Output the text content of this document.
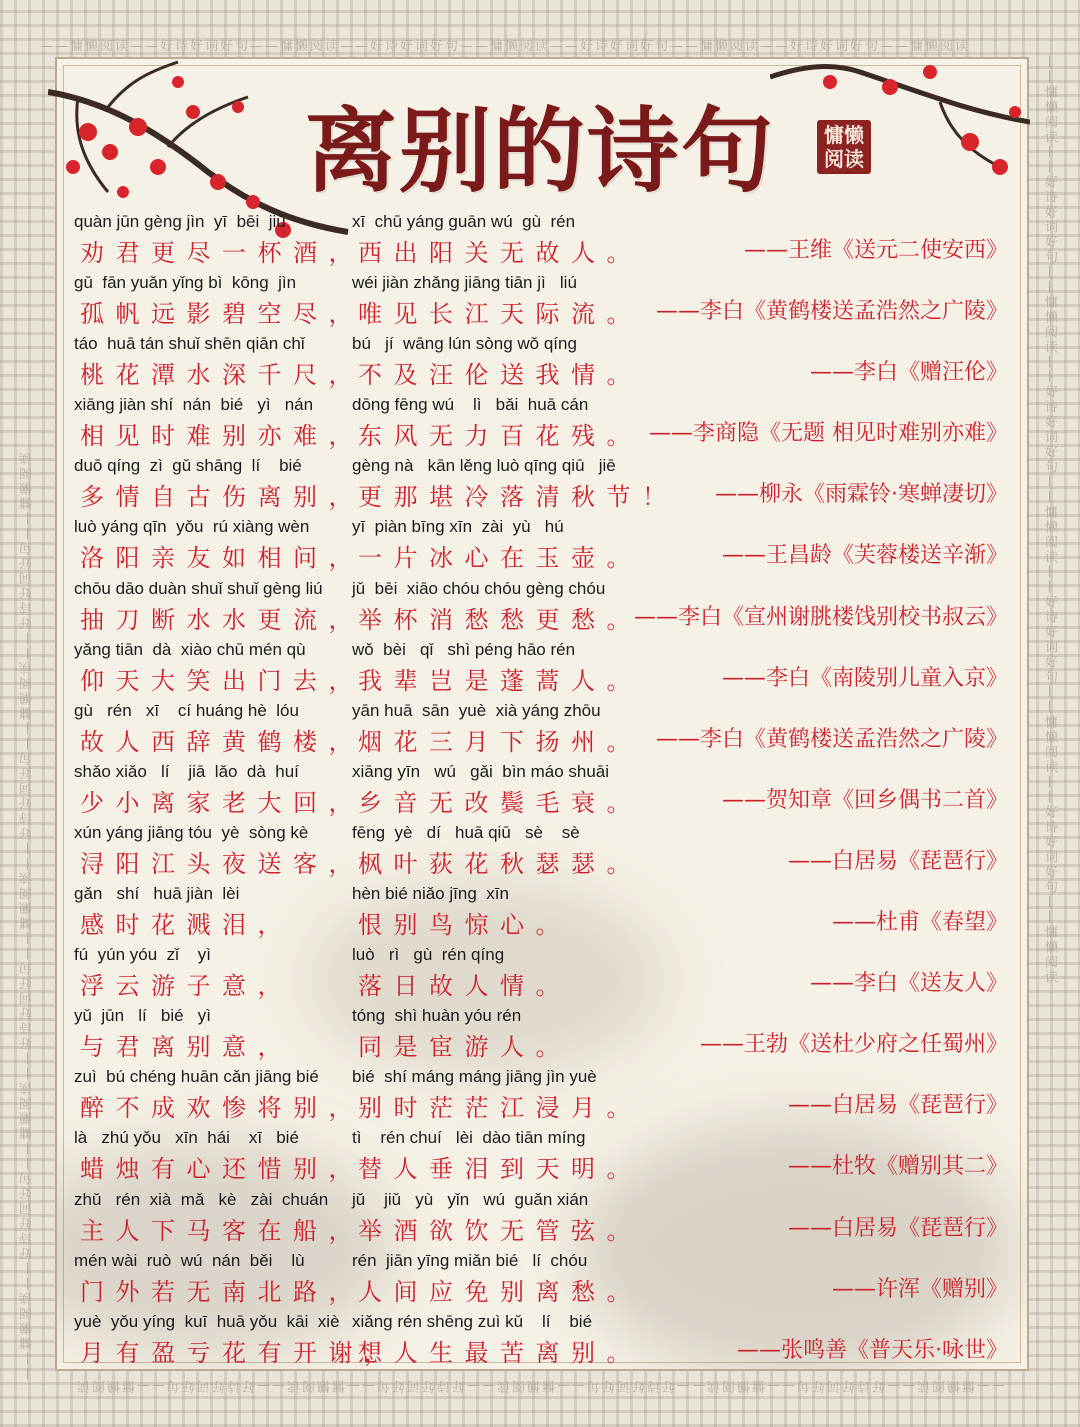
——慵懒阅读——好诗好词好句——慵懒阅读——好诗好词好句——慵懒阅读——好诗好词好句——慵懒阅读——好诗好词好句——慵懒阅读
——慵懒阅读——好诗好词好句——慵懒阅读——好诗好词好句——慵懒阅读——好诗好词好句——慵懒阅读——好诗好词好句——慵懒阅读
——慵懒阅读——好诗好词好句——慵懒阅读——好诗好词好句——慵懒阅读——好诗好词好句——慵懒阅读——好诗好词好句——慵懒阅读	——慵懒阅读——好诗好词好句——慵懒阅读——好诗好词好句——慵懒阅读——好诗好词好句——慵懒阅读——好诗好词好句——慵懒阅读
离别的诗句	慵懒
阅读
quàn jūn gèng jìn  yī  bēi  jiǔ
劝君更尽一杯酒，
xī  chū yáng guān wú  gù  rén
西出阳关无故人。	——王维《送元二使安西》
gū  fān yuǎn yǐng bì  kōng  jìn
孤帆远影碧空尽，
wéi jiàn zhǎng jiāng tiān jì   liú
唯见长江天际流。 ——李白《黄鹤楼送孟浩然之广陵》
táo  huā tán shuǐ shēn qiān chǐ
桃花潭水深千尺，
bú   jí  wāng lún sòng wǒ qíng
不及汪伦送我情。	——李白《赠汪伦》
xiāng jiàn shí  nán  bié   yì   nán
相见时难别亦难，
dōng fēng wú    lì   bǎi  huā cán
东风无力百花残。 ——李商隐《无题 相见时难别亦难》
duō qíng  zì  gǔ shāng  lí    bié
多情自古伤离别，
gèng nà   kān lěng luò qīng qiū   jiē
更那堪冷落清秋节！ ——柳永《雨霖铃·寒蝉凄切》
luò yáng qīn  yǒu  rú xiàng wèn
洛阳亲友如相问，
yī  piàn bīng xīn  zài  yù   hú
一片冰心在玉壶。	——王昌龄《芙蓉楼送辛渐》
chōu dāo duàn shuǐ shuǐ gèng liú
抽刀断水水更流，
jǔ  bēi  xiāo chóu chóu gèng chóu
举杯消愁愁更愁。
——李白《宣州谢朓楼饯别校书叔云》
yǎng tiān  dà  xiào chū mén qù
仰天大笑出门去，
wǒ  bèi   qǐ   shì péng hāo rén
我辈岂是蓬蒿人。	——李白《南陵别儿童入京》
gù   rén   xī    cí huáng hè  lóu
故人西辞黄鹤楼，
yān huā  sān  yuè  xià yáng zhōu
烟花三月下扬州。 ——李白《黄鹤楼送孟浩然之广陵》
shǎo xiǎo   lí    jiā  lǎo  dà  huí
少小离家老大回，
xiāng yīn   wú   gǎi  bìn máo shuāi
乡音无改鬓毛衰。	——贺知章《回乡偶书二首》
xún yáng jiāng tóu  yè  sòng kè
浔阳江头夜送客，
fēng  yè   dí   huā qiū   sè    sè
枫叶荻花秋瑟瑟。	——白居易《琵琶行》
gǎn   shí   huā jiàn  lèi
感时花溅泪，
hèn bié niǎo jīng  xīn
恨别鸟惊心。	——杜甫《春望》
fú  yún yóu  zǐ    yì
浮云游子意，
luò   rì   gù  rén qíng
落日故人情。	——李白《送友人》
yǔ  jūn   lí   bié   yì
与君离别意，
tóng  shì huàn yóu rén
同是宦游人。	——王勃《送杜少府之任蜀州》
zuì  bú chéng huān cǎn jiāng bié
醉不成欢惨将别，
bié  shí máng máng jiāng jìn yuè
别时茫茫江浸月。	——白居易《琵琶行》
là   zhú yǒu   xīn  hái    xī   bié
蜡烛有心还惜别，
tì    rén chuí   lèi  dào tiān míng
替人垂泪到天明。	——杜牧《赠别其二》
zhǔ   rén  xià  mǎ   kè   zài  chuán
主人下马客在船，
jǔ    jiǔ   yù   yǐn   wú  guǎn xián
举酒欲饮无管弦。	——白居易《琵琶行》
mén wài  ruò  wú  nán  běi    lù
门外若无南北路，
rén  jiān yīng miǎn bié   lí  chóu
人间应免别离愁。	——许浑《赠别》
yuè  yǒu yíng  kuī  huā yǒu  kāi  xiè
月有盈亏花有开谢，
xiǎng rén shēng zuì kǔ    lí    bié
想人生最苦离别。	——张鸣善《普天乐·咏世》
